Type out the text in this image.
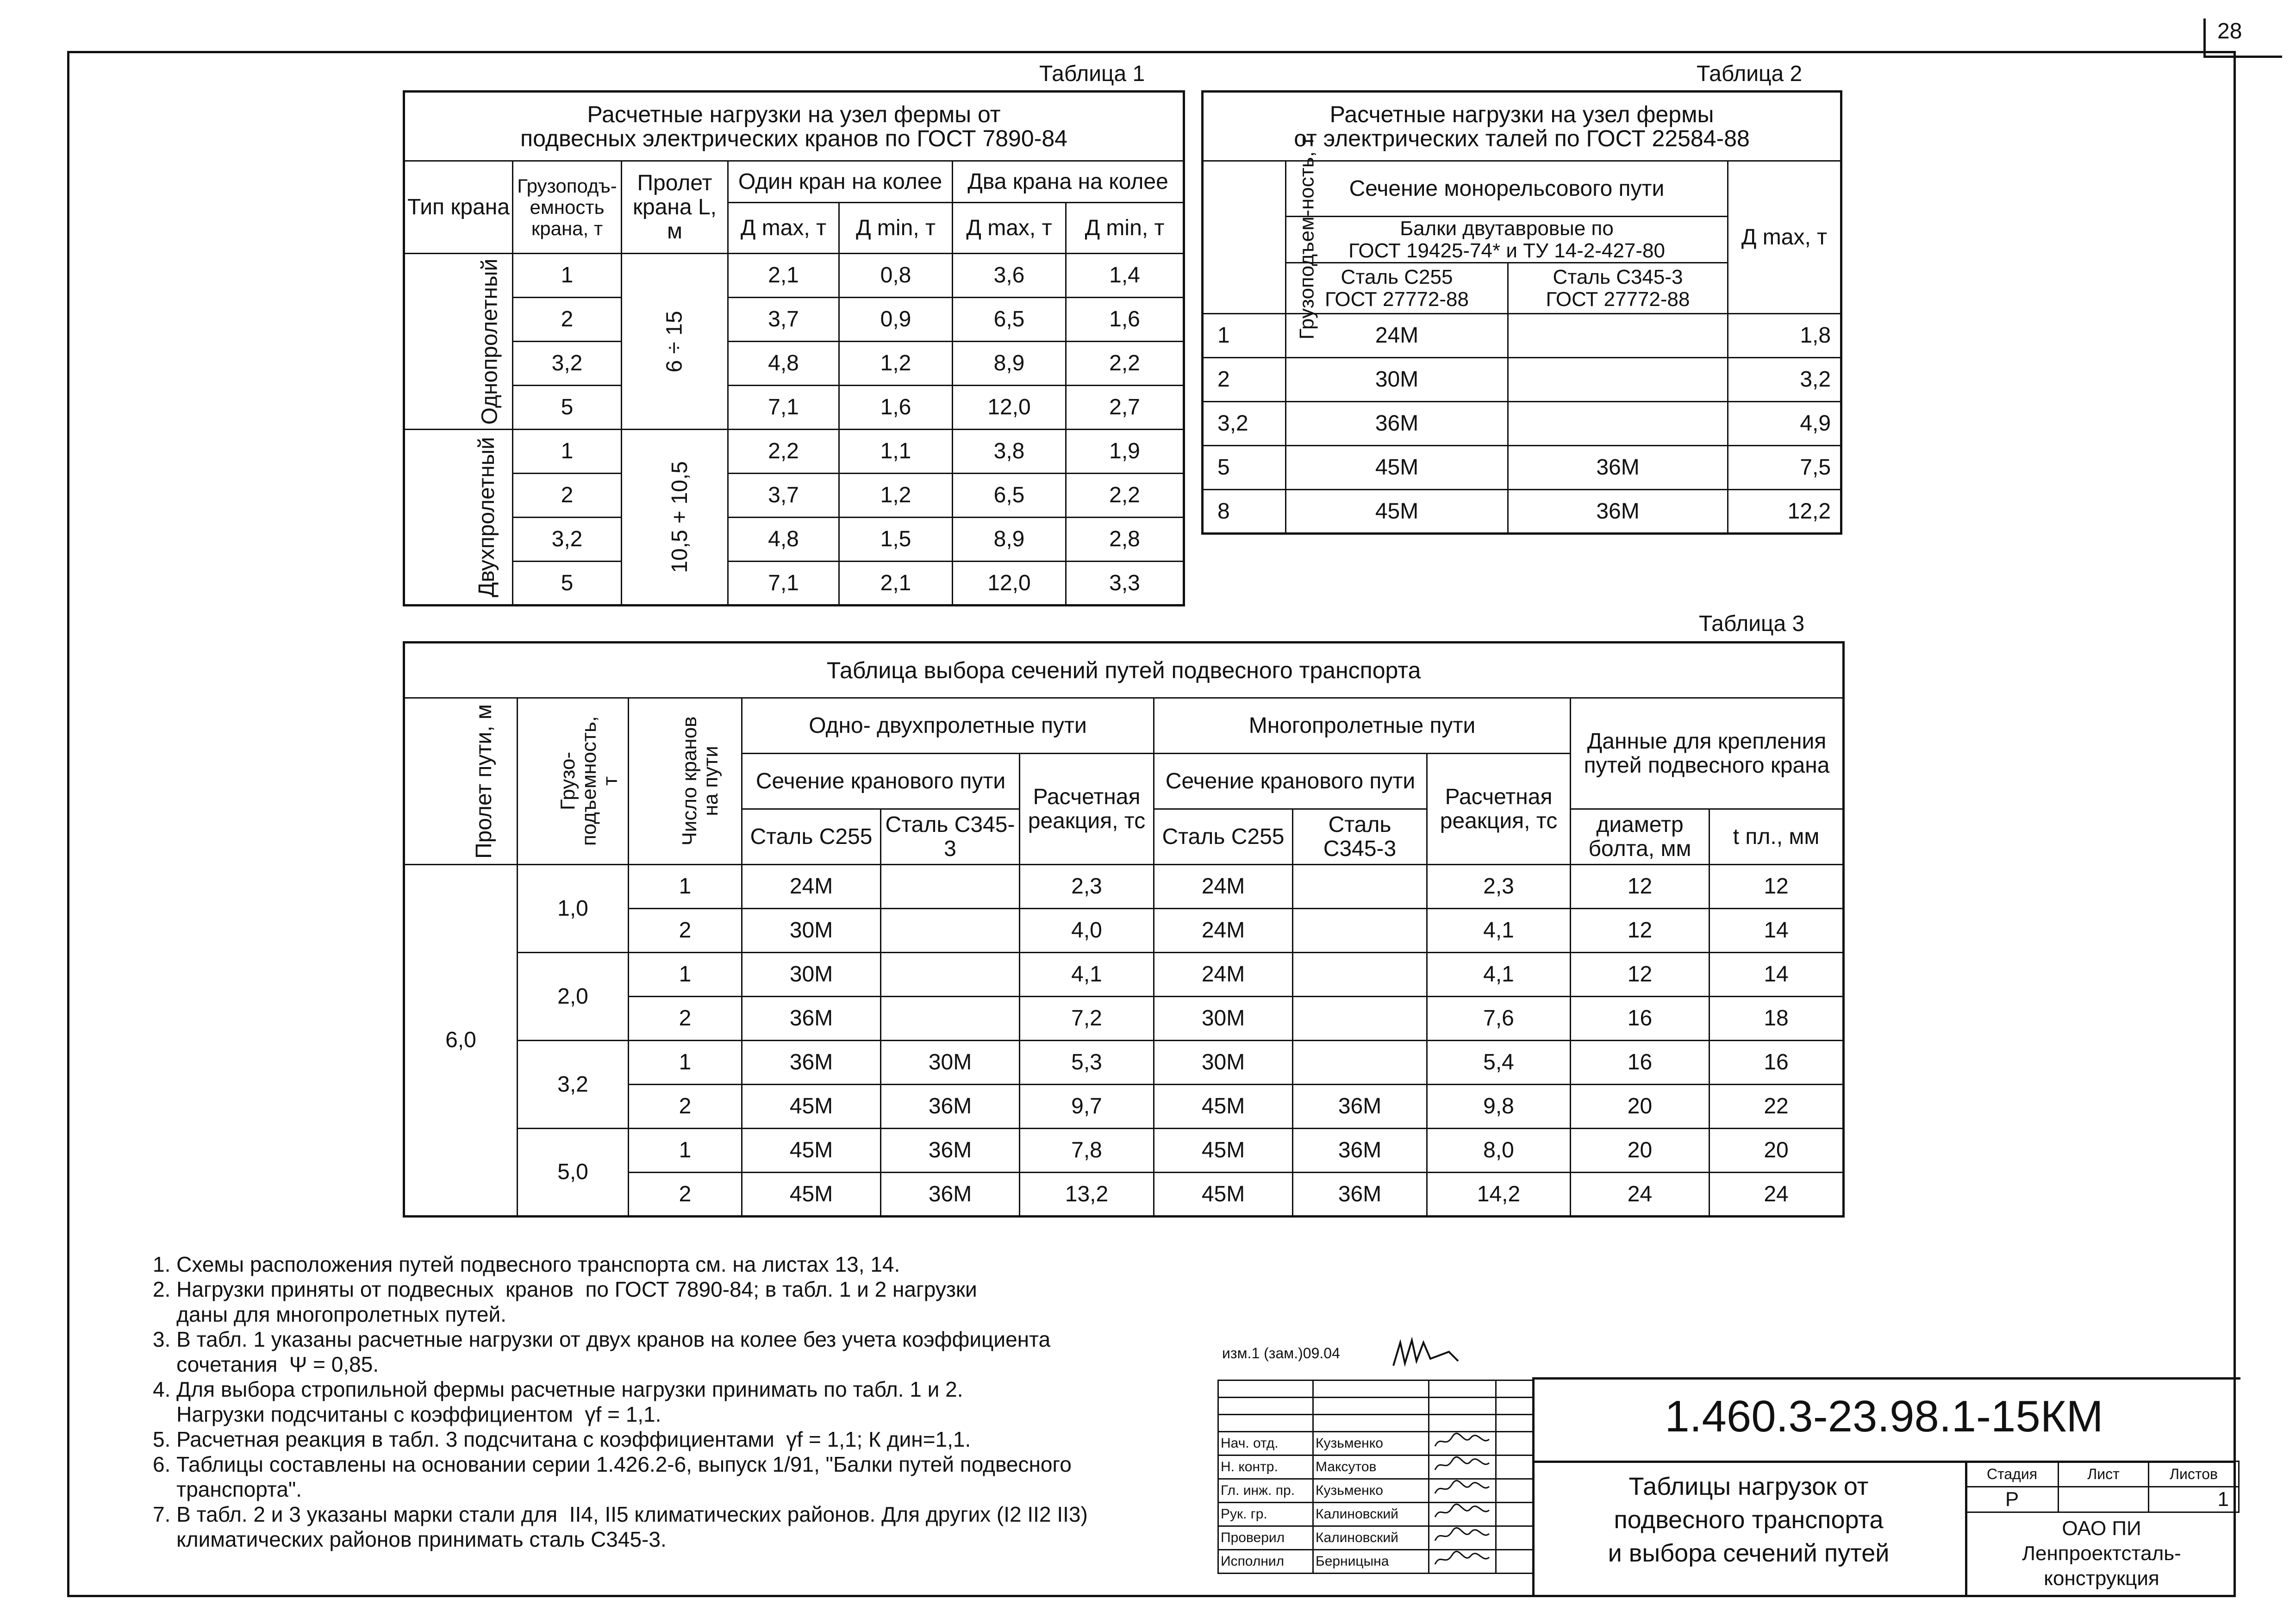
28
Таблица 1
Расчетные нагрузки на узел фермы от
подвесных электрических кранов по ГОСТ 7890-84						
Тип крана	Грузоподъ-емность крана, т	Пролет крана L, м	Один кран на колее		Два крана на колее	
			Д max, т	Д min, т	Д max, т	Д min, т
Однопролетный	1	6 ÷ 15	2,1	0,8	3,6	1,4
	2		3,7	0,9	6,5	1,6
	3,2		4,8	1,2	8,9	2,2
	5		7,1	1,6	12,0	2,7
Двухпролетный	1	10,5 + 10,5	2,2	1,1	3,8	1,9
	2		3,7	1,2	6,5	2,2
	3,2		4,8	1,5	8,9	2,8
	5		7,1	2,1	12,0	3,3
Таблица 2
Расчетные нагрузки на узел фермы
от электрических талей по ГОСТ 22584-88			
Грузоподъем-ность, т	Сечение монорельсового пути		Д max, т
	Балки двутавровые по
ГОСТ 19425-74* и ТУ 14-2-427-80		
	Сталь С255
ГОСТ 27772-88	Сталь С345-3
ГОСТ 27772-88	
1	24М		1,8
2	30М		3,2
3,2	36М		4,9
5	45М	36М	7,5
8	45М	36М	12,2
Таблица 3
Таблица выбора сечений путей подвесного транспорта										
Пролет пути, м	Грузо-подъемность, т	Число кранов на пути	Одно- двухпролетные пути			Многопролетные пути			Данные для крепления путей подвесного крана	
			Сечение кранового пути		Расчетная реакция, тс	Сечение кранового пути		Расчетная реакция, тс		
			Сталь С255	Сталь С345-3		Сталь С255	Сталь С345-3		диаметр болта, мм	t пл., мм
6,0	1,0	1	24М		2,3	24М		2,3	12	12
		2	30М		4,0	24М		4,1	12	14
	2,0	1	30М		4,1	24М		4,1	12	14
		2	36М		7,2	30М		7,6	16	18
	3,2	1	36М	30М	5,3	30М		5,4	16	16
		2	45М	36М	9,7	45М	36М	9,8	20	22
	5,0	1	45М	36М	7,8	45М	36М	8,0	20	20
		2	45М	36М	13,2	45М	36М	14,2	24	24
1. Схемы расположения путей подвесного транспорта см. на листах 13, 14.
2. Нагрузки приняты от подвесных  кранов  по ГОСТ 7890-84; в табл. 1 и 2 нагрузки
даны для многопролетных путей.
3. В табл. 1 указаны расчетные нагрузки от двух кранов на колее без учета коэффициента
сочетания  Ψ = 0,85.
4. Для выбора стропильной фермы расчетные нагрузки принимать по табл. 1 и 2.
Нагрузки подсчитаны с коэффициентом  γf = 1,1.
5. Расчетная реакция в табл. 3 подсчитана с коэффициентами  γf = 1,1; К дин=1,1.
6. Таблицы составлены на основании серии 1.426.2-6, выпуск 1/91, "Балки путей подвесного
транспорта".
7. В табл. 2 и 3 указаны марки стали для  II4, II5 климатических районов. Для других (I2 II2 II3)
климатических районов принимать сталь С345-3.
изм.1 (зам.)09.04

Нач. отд.	Кузьменко		
Н. контр.	Максутов		
Гл. инж. пр.	Кузьменко		
Рук. гр.	Калиновский		
Проверил	Калиновский		
Исполнил	Берницына		
1.460.3-23.98.1-15КМ
Таблицы нагрузок от
подвесного транспорта
и выбора сечений путей
Стадия	Лист	Листов
Р		1
ОАО ПИ
Ленпроектсталь-
конструкция
